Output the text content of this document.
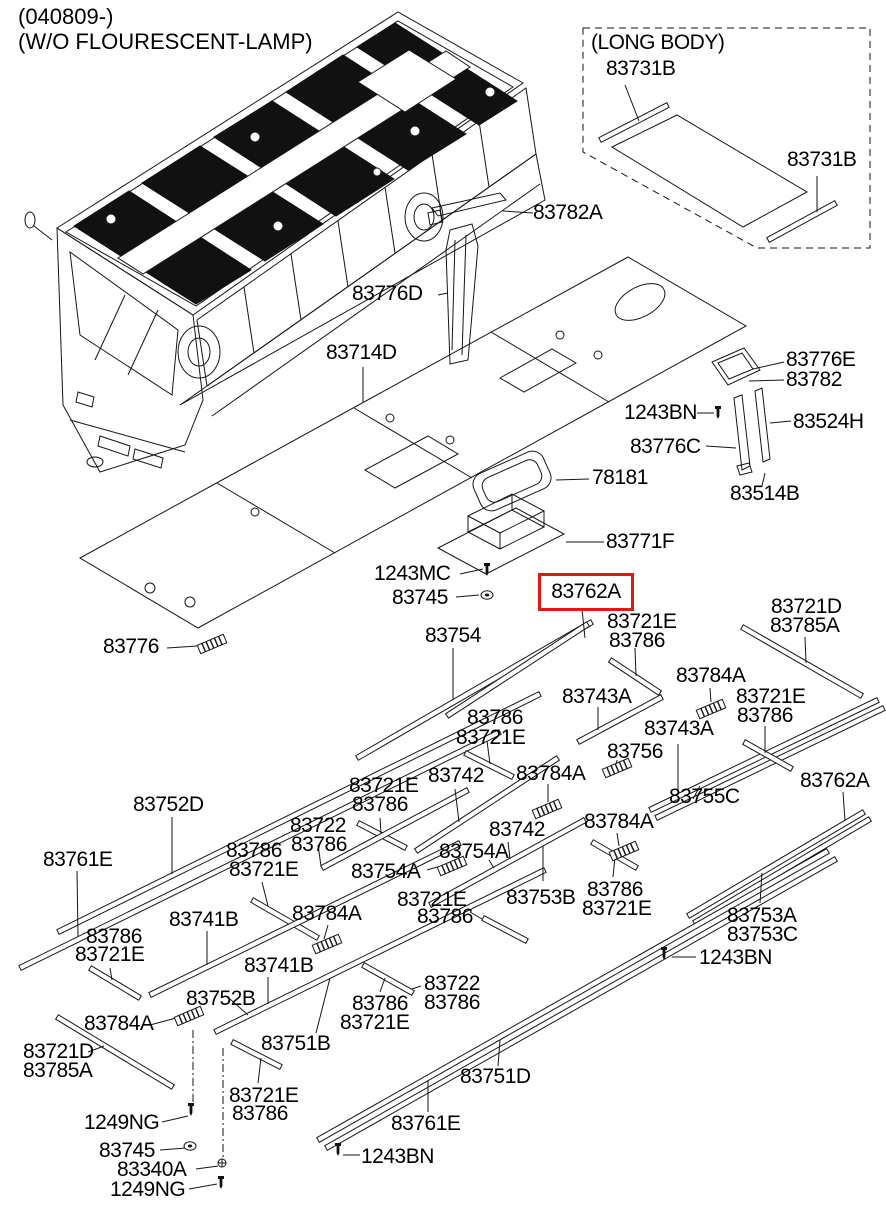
(040809-)
(W/O FLOURESCENT-LAMP)	(LONG BODY)
83731B
83731B
83762A
83782A
83776D
83714D	83776E
83782
1243BN	83524H
83776C
78181
83514B
83771F
1243MC
83745
83776
83721E
83786
83721D
83785A
83754
83743A
83784A
83721E
83786
83786
83721E	83743A
83756
83721E
83786
83742 83784A	83762A
83755C
83752D
83722
83786
83742 83784A
83761E	83786
83721E
83754A
83754A
83721E
83786
83753B 83786
83721E
83741B	83784A
83786
83721E
83753A
83753C
83741B	1243BN
83752B
83722
83786
83786
83721E
83784A
83751B
83721D
83785A	83751D
83721E
83786
1249NG	83761E
83745
83340A
1243BN
1249NG
